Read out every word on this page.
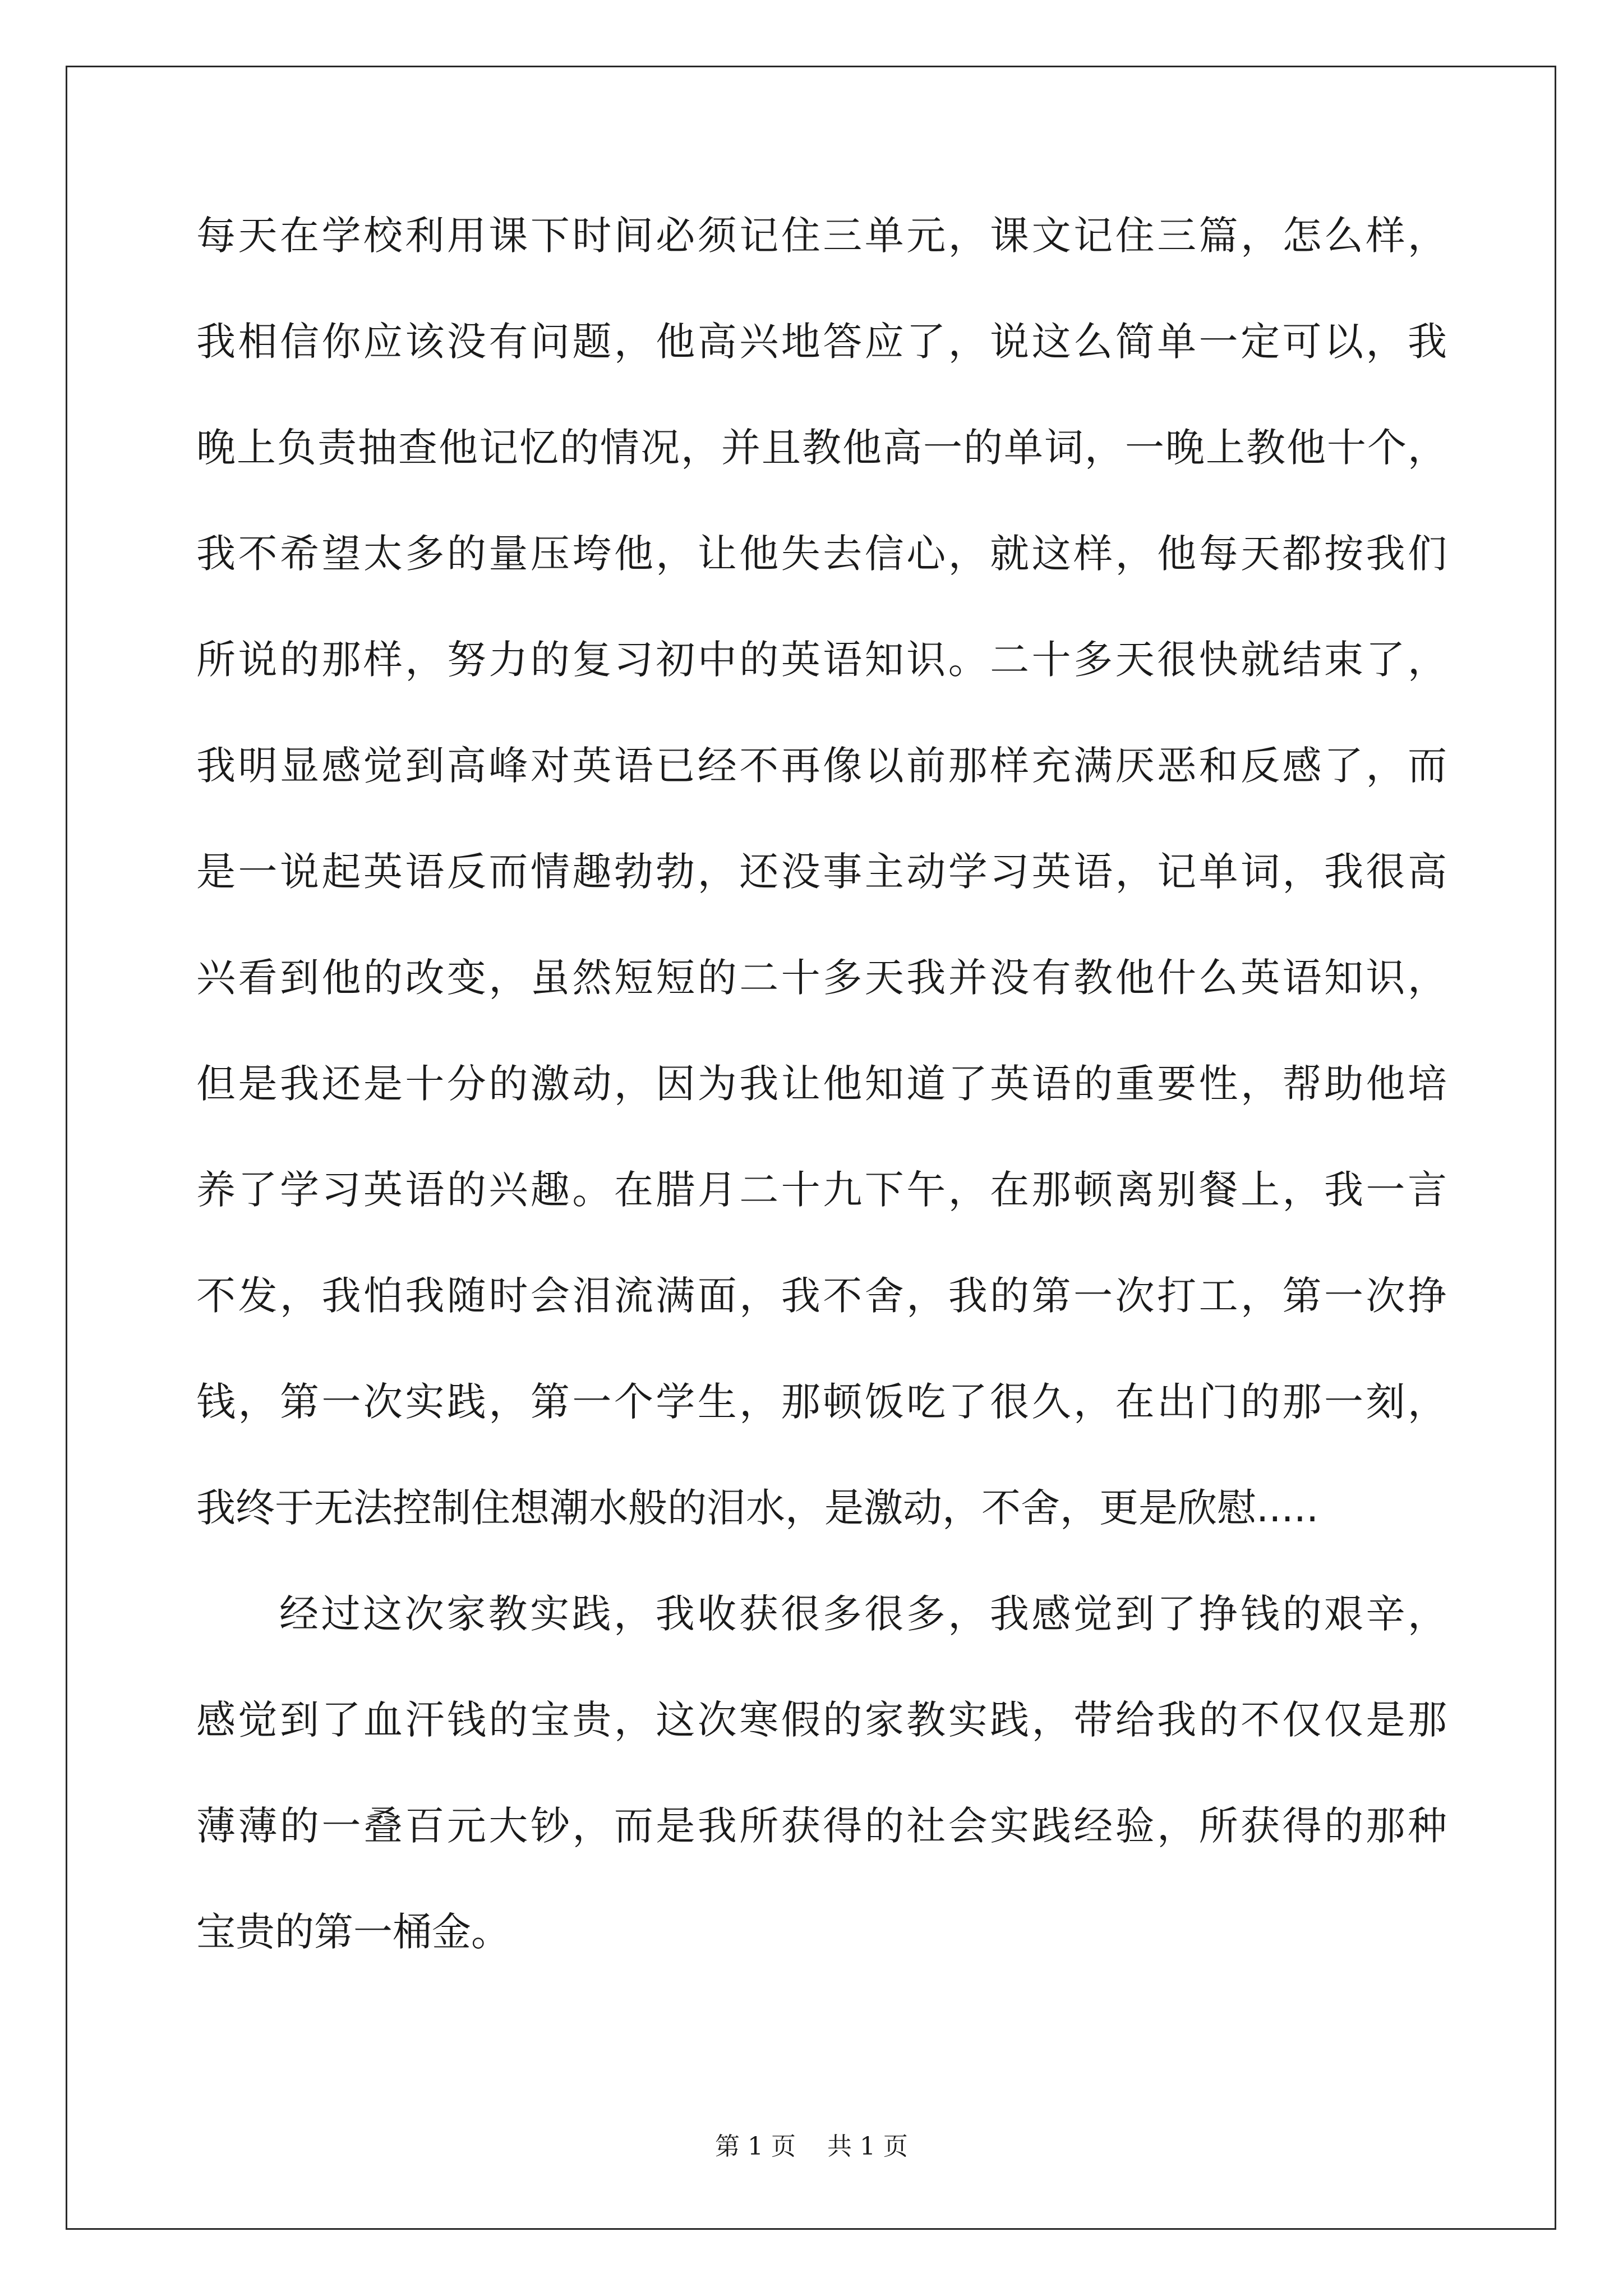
每天在学校利用课下时间必须记住三单元，课文记住三篇，怎么样，
我相信你应该没有问题，他高兴地答应了，说这么简单一定可以，我
晚上负责抽查他记忆的情况，并且教他高一的单词，一晚上教他十个，
我不希望太多的量压垮他，让他失去信心，就这样，他每天都按我们
所说的那样，努力的复习初中的英语知识。二十多天很快就结束了，
我明显感觉到高峰对英语已经不再像以前那样充满厌恶和反感了，而
是一说起英语反而情趣勃勃，还没事主动学习英语，记单词，我很高
兴看到他的改变，虽然短短的二十多天我并没有教他什么英语知识，
但是我还是十分的激动，因为我让他知道了英语的重要性，帮助他培
养了学习英语的兴趣。在腊月二十九下午，在那顿离别餐上，我一言
不发，我怕我随时会泪流满面，我不舍，我的第一次打工，第一次挣
钱，第一次实践，第一个学生，那顿饭吃了很久，在出门的那一刻，
我终于无法控制住想潮水般的泪水，是激动，不舍，更是欣慰.....
经过这次家教实践，我收获很多很多，我感觉到了挣钱的艰辛，
感觉到了血汗钱的宝贵，这次寒假的家教实践，带给我的不仅仅是那
薄薄的一叠百元大钞，而是我所获得的社会实践经验，所获得的那种
宝贵的第一桶金。
第 1 页    共 1 页
